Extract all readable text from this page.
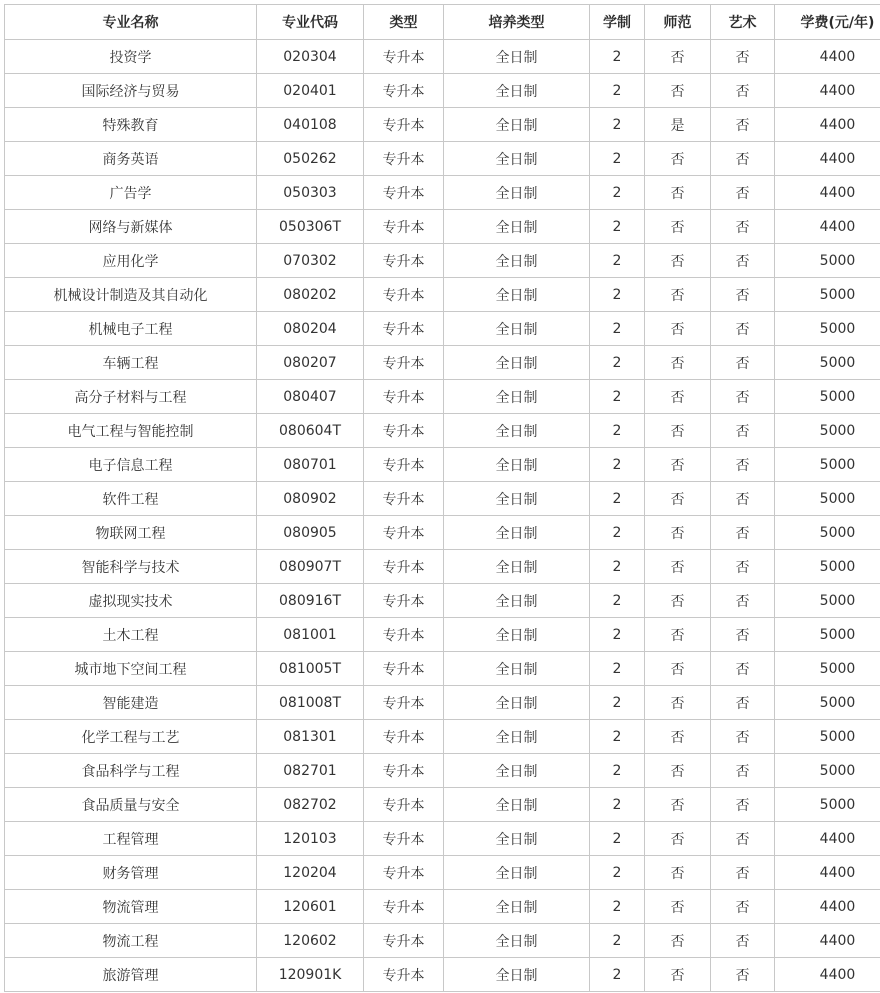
专业名称	专业代码	类型	培养类型	学制	师范	艺术	学费(元/年)
投资学	020304	专升本	全日制	2	否	否	4400
国际经济与贸易	020401	专升本	全日制	2	否	否	4400
特殊教育	040108	专升本	全日制	2	是	否	4400
商务英语	050262	专升本	全日制	2	否	否	4400
广告学	050303	专升本	全日制	2	否	否	4400
网络与新媒体	050306T	专升本	全日制	2	否	否	4400
应用化学	070302	专升本	全日制	2	否	否	5000
机械设计制造及其自动化	080202	专升本	全日制	2	否	否	5000
机械电子工程	080204	专升本	全日制	2	否	否	5000
车辆工程	080207	专升本	全日制	2	否	否	5000
高分子材料与工程	080407	专升本	全日制	2	否	否	5000
电气工程与智能控制	080604T	专升本	全日制	2	否	否	5000
电子信息工程	080701	专升本	全日制	2	否	否	5000
软件工程	080902	专升本	全日制	2	否	否	5000
物联网工程	080905	专升本	全日制	2	否	否	5000
智能科学与技术	080907T	专升本	全日制	2	否	否	5000
虚拟现实技术	080916T	专升本	全日制	2	否	否	5000
土木工程	081001	专升本	全日制	2	否	否	5000
城市地下空间工程	081005T	专升本	全日制	2	否	否	5000
智能建造	081008T	专升本	全日制	2	否	否	5000
化学工程与工艺	081301	专升本	全日制	2	否	否	5000
食品科学与工程	082701	专升本	全日制	2	否	否	5000
食品质量与安全	082702	专升本	全日制	2	否	否	5000
工程管理	120103	专升本	全日制	2	否	否	4400
财务管理	120204	专升本	全日制	2	否	否	4400
物流管理	120601	专升本	全日制	2	否	否	4400
物流工程	120602	专升本	全日制	2	否	否	4400
旅游管理	120901K	专升本	全日制	2	否	否	4400
